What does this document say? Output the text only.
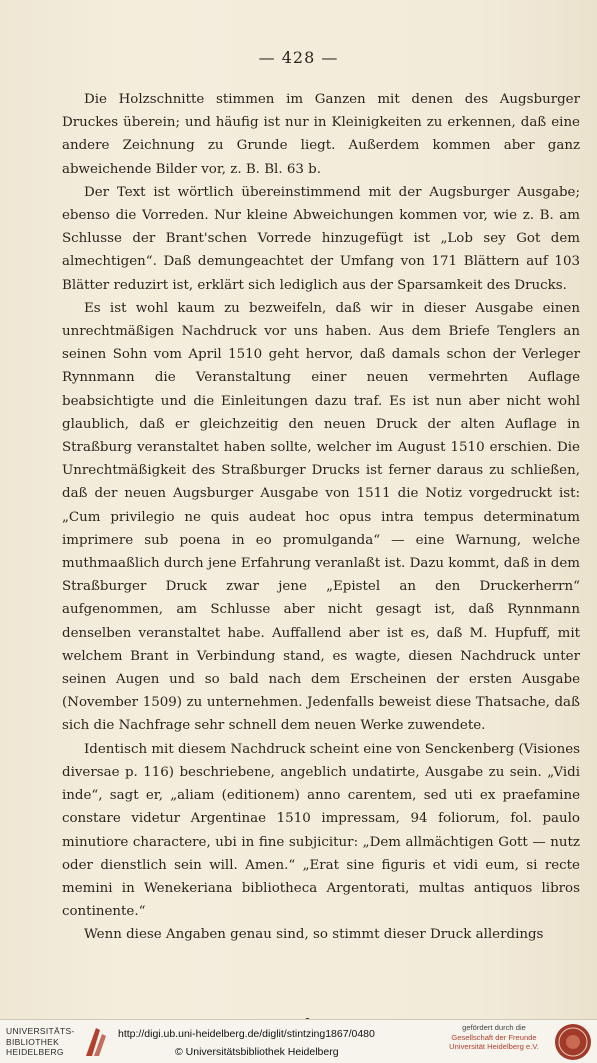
— 428 —

Die Holzschnitte stimmen im Ganzen mit denen des Augsburger Druckes überein; und häufig ist nur in Kleinigkeiten zu erkennen, daß eine andere Zeichnung zu Grunde liegt. Außerdem kommen aber ganz abweichende Bilder vor, z. B. Bl. 63 b.

Der Text ist wörtlich übereinstimmend mit der Augsburger Ausgabe; ebenso die Vorreden. Nur kleine Abweichungen kommen vor, wie z. B. am Schlusse der Brant'schen Vorrede hinzugefügt ist „Lob sey Got dem almechtigen“. Daß demungeachtet der Umfang von 171 Blättern auf 103 Blätter reduzirt ist, erklärt sich lediglich aus der Sparsamkeit des Drucks.

Es ist wohl kaum zu bezweifeln, daß wir in dieser Ausgabe einen unrechtmäßigen Nachdruck vor uns haben. Aus dem Briefe Tenglers an seinen Sohn vom April 1510 geht hervor, daß damals schon der Verleger Rynnmann die Veranstaltung einer neuen vermehrten Auflage beabsichtigte und die Einleitungen dazu traf. Es ist nun aber nicht wohl glaublich, daß er gleichzeitig den neuen Druck der alten Auflage in Straßburg veranstaltet haben sollte, welcher im August 1510 erschien. Die Unrechtmäßigkeit des Straßburger Drucks ist ferner daraus zu schließen, daß der neuen Augsburger Ausgabe von 1511 die Notiz vorgedruckt ist: „Cum privilegio ne quis audeat hoc opus intra tempus determinatum imprimere sub poena in eo promulganda“ — eine Warnung, welche muthmaaßlich durch jene Erfahrung veranlaßt ist. Dazu kommt, daß in dem Straßburger Druck zwar jene „Epistel an den Druckerherrn“ aufgenommen, am Schlusse aber nicht gesagt ist, daß Rynnmann denselben veranstaltet habe. Auffallend aber ist es, daß M. Hupfuff, mit welchem Brant in Verbindung stand, es wagte, diesen Nachdruck unter seinen Augen und so bald nach dem Erscheinen der ersten Ausgabe (November 1509) zu unternehmen. Jedenfalls beweist diese Thatsache, daß sich die Nachfrage sehr schnell dem neuen Werke zuwendete.

Identisch mit diesem Nachdruck scheint eine von Senckenberg (Visiones diversae p. 116) beschriebene, angeblich undatirte, Ausgabe zu sein. „Vidi inde“, sagt er, „aliam (editionem) anno carentem, sed uti ex praefamine constare videtur Argentinae 1510 impressam, 94 foliorum, fol. paulo minutiore charactere, ubi in fine subjicitur: „Dem allmächtigen Gott — nutz oder dienstlich sein will. Amen.“ „Erat sine figuris et vidi eum, si recte memini in Wenekeriana bibliotheca Argentorati, multas antiquos libros continente.“

Wenn diese Angaben genau sind, so stimmt dieser Druck allerdings

UNIVERSITÄTS-
BIBLIOTHEK
HEIDELBERG
http://digi.ub.uni-heidelberg.de/diglit/stintzing1867/0480
© Universitätsbibliothek Heidelberg
gefördert durch die
Gesellschaft der Freunde
Universität Heidelberg e.V.
